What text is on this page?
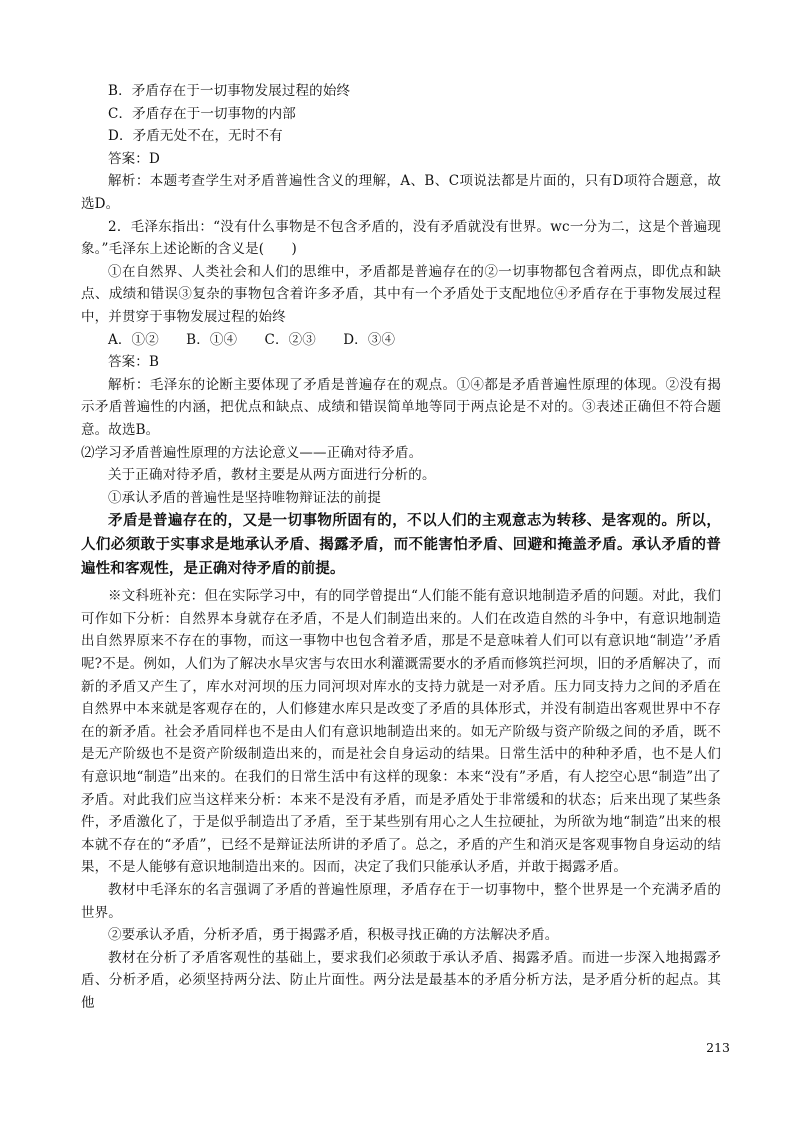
B．矛盾存在于一切事物发展过程的始终

C．矛盾存在于一切事物的内部

D．矛盾无处不在，无时不有

答案：D

解析：本题考查学生对矛盾普遍性含义的理解，A、B、C项说法都是片面的，只有D项符合题意，故选D。

2．毛泽东指出：“没有什么事物是不包含矛盾的，没有矛盾就没有世界。wc一分为二，这是个普遍现象。”毛泽东上述论断的含义是(　　)

①在自然界、人类社会和人们的思维中，矛盾都是普遍存在的②一切事物都包含着两点，即优点和缺点、成绩和错误③复杂的事物包含着许多矛盾，其中有一个矛盾处于支配地位④矛盾存在于事物发展过程中，并贯穿于事物发展过程的始终

A．①②　　B．①④　　C．②③　　D．③④

答案：B

解析：毛泽东的论断主要体现了矛盾是普遍存在的观点。①④都是矛盾普遍性原理的体现。②没有揭示矛盾普遍性的内涵，把优点和缺点、成绩和错误简单地等同于两点论是不对的。③表述正确但不符合题意。故选B。

⑵学习矛盾普遍性原理的方法论意义——正确对待矛盾。

关于正确对待矛盾，教材主要是从两方面进行分析的。

①承认矛盾的普遍性是坚持唯物辩证法的前提

矛盾是普遍存在的，又是一切事物所固有的，不以人们的主观意志为转移、是客观的。所以，人们必须敢于实事求是地承认矛盾、揭露矛盾，而不能害怕矛盾、回避和掩盖矛盾。承认矛盾的普遍性和客观性，是正确对待矛盾的前提。

※文科班补充：但在实际学习中，有的同学曾提出“人们能不能有意识地制造矛盾的问题。对此，我们可作如下分析：自然界本身就存在矛盾，不是人们制造出来的。人们在改造自然的斗争中，有意识地制造出自然界原来不存在的事物，而这一事物中也包含着矛盾，那是不是意味着人们可以有意识地“制造’’矛盾呢?不是。例如，人们为了解决水旱灾害与农田水利灌溉需要水的矛盾而修筑拦河坝，旧的矛盾解决了，而新的矛盾又产生了，库水对河坝的压力同河坝对库水的支持力就是一对矛盾。压力同支持力之间的矛盾在自然界中本来就是客观存在的，人们修建水库只是改变了矛盾的具体形式，并没有制造出客观世界中不存在的新矛盾。社会矛盾同样也不是由人们有意识地制造出来的。如无产阶级与资产阶级之间的矛盾，既不是无产阶级也不是资产阶级制造出来的，而是社会自身运动的结果。日常生活中的种种矛盾，也不是人们有意识地“制造”出来的。在我们的日常生活中有这样的现象：本来“没有”矛盾，有人挖空心思“制造”出了矛盾。对此我们应当这样来分析：本来不是没有矛盾，而是矛盾处于非常缓和的状态；后来出现了某些条件，矛盾激化了，于是似乎制造出了矛盾，至于某些别有用心之人生拉硬扯，为所欲为地“制造”出来的根本就不存在的“矛盾”，已经不是辩证法所讲的矛盾了。总之，矛盾的产生和消灭是客观事物自身运动的结果，不是人能够有意识地制造出来的。因而，决定了我们只能承认矛盾，并敢于揭露矛盾。

教材中毛泽东的名言强调了矛盾的普遍性原理，矛盾存在于一切事物中，整个世界是一个充满矛盾的世界。

②要承认矛盾，分析矛盾，勇于揭露矛盾，积极寻找正确的方法解决矛盾。

教材在分析了矛盾客观性的基础上，要求我们必须敢于承认矛盾、揭露矛盾。而进一步深入地揭露矛盾、分析矛盾，必须坚持两分法、防止片面性。两分法是最基本的矛盾分析方法，是矛盾分析的起点。其他

213
